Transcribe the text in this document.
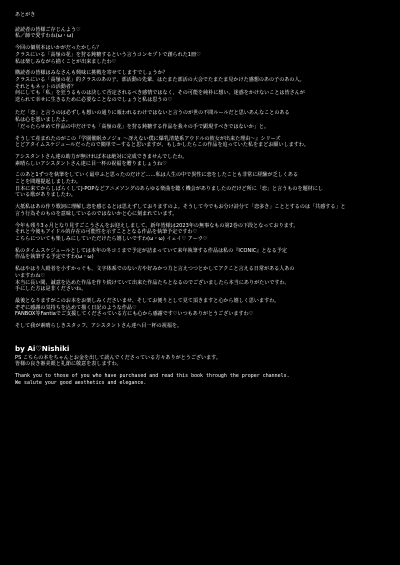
あとがき
読読者の皆様ご存じんよう♡
私／師で愛すわね(ω・ω)
今回の個別本はいかがだったかしら？
クラスにいる「高嶺の花」を狩る鈍糖するという言うコンセプトで創られた1冊♡
私は楽しみながら描くことが出来ましたわ♡
購読者の皆様はみなさんも興味に挑戦を寄せてしますでしょうか？
クラスにいる「高嶺の花」的クラスのあの子、部活動の先輩、はたまた部活の大会でたまたま見かけた感想のあの子のあの人。
それともネットの活動者？
何にしても「私」を狂うるものは決して否定されるべき感情ではなく、その可能を純朴に想い、迷惑をかけないことは皆さんが
送られて幸せに生きるために必要なことなのでしょうと私は思うの♡

ただ「恋」と言うのは必ずしも想いの通りに報われるわけではないと言うのが世の不問ルールだと思いあんなことのある
私は心を悪いましたよ。
「だったらせめて作品の中だけでも「高嶺の花」を狩る鈍糖する作品を我々の手で顕現すべきではないか」と。
そうして産まれたのがこの『学園催眠カノジョ ～冴えない僕に爆乳清楚系アウドルの彼女が出来た理由～』シリーズ
とどアタイムスケジュールだったので簡単でーすると思いますが、もしかしたらこの作品を追っていた私をまどお願いしますわ。
アシスタントさん達の助力が無ければ本は絶対に完成できませんでしたわ。
素晴らしいアシスタントさん達に目一杯の祝福を贈りましょうね♡
このあと1ずつを執筆をしていく最中ふと思ったのだけど……私は人生の中で異性に恋をしたことも非常に経験が乏しくある
ことを問題提起しましたわ。
日本に来てからしばらくしてJ-POPなどアニメソングのあらゆる楽曲を聴く機会がありましたのだけど所に「恋」と言うものを題材にし
ている歌がありましたわ。
大抵私はあの作り歌詞に理解し恋を感じるとは思えずしておりますのよ。そうして今でもお分け詩分て「恋多き」こととするのは「共感する」と
言う行為そのものを意味しているのではないかと心に刻まれています。
今年も残り3ヵ月となり見すごこうさんをお迎えしまして、新年皆様は2023年の無事なもの第2巻の下段となっております。
それと今後もアイドル的存在の可能性を示すこととなる作品を執筆予定ですわ♡
こちらについても楽しみにしていただけたら嬉しいですわ(ω・ω) イェイ♡ アーウ♡
私のタイムスケジュールとしては本年の冬コミまで予定が詰まっていて来年執筆する作品は私の『ICONIC』となる予定
作品を執筆する予定ですわ(ω・ω)
私はやはり人殴者を小すかっぐも、文字体系でのない方や好みかつ力と言えつつとかしてアクこと言える日常がある人あの
いますわね♡
本当に長い間、誠意を込めた作品を作り続けていて出来た作品たちとなるのでございましたら本当にありがたいですわ、
手にした方は是非くださいね。
最後となりますがこのお本をお楽しみくださいませ、そしてお便りとして見て頂きますと心から嬉しく思いますわ。
ぞぞに感謝の気持ちを込めて描く日記のような作品♡
FANBOX等Fantiaでご支援してくださっている方にも心から感謝です♡いつもありがとうございますわ♡
そして我が素晴らしきスタッフ、アシスタントさん達へ目一杯の祝福を。
by Ai♡Nishiki
PS こちらの本をちゃんとお金を出して読んでくださっている方々ありがとうございます。
皆様の良き審美眼と礼節に敬意を表しますわ。
Thank you to those of you who have purchased and read this book through the proper channels.
We salute your good aesthetics and elegance.
